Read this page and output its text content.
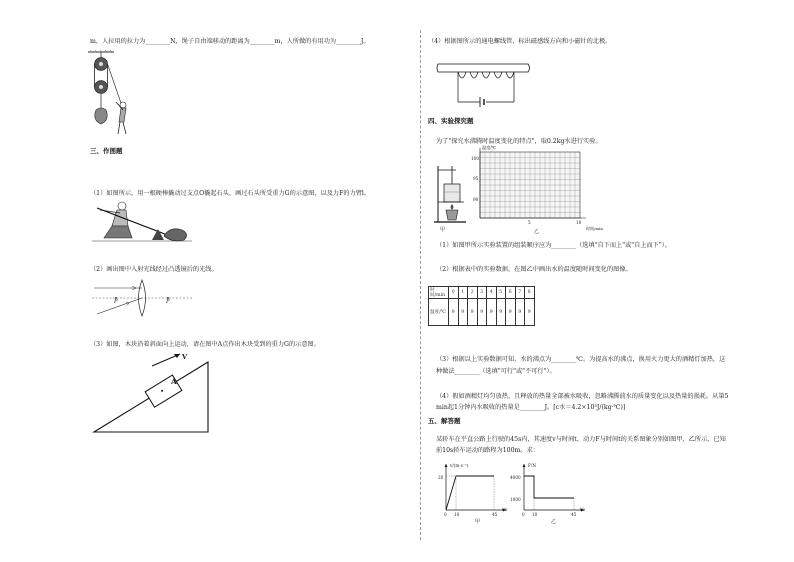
m，人拉用的拉力为________N，绳子自由端移动的距离为________m，人所做的有用功为________J。
三、作图题
（1）如图所示，用一根硬棒撬动过支点O撬起石头，画过石头所受重力G的示意图，以及力F的力臂l。
（2）画出图中入射光线经过凸透镜后的光线。
F	F
（3）如图，木块沿着斜面向上运动，请在图中A点作出木块受到的重力G的示意图。
V
A
（4）根据图所示的通电螺线管，标出磁感线方向和小磁针的北极。
四、实验探究题
为了"探究水沸腾时温度变化的特点"，取0.2kg水进行实验。
甲
温度/℃
100
95
90
5	10
时间/min
乙
（1）如图甲所示实验装置的组装顺序应为________（选填"自下而上"或"自上而下"）。
（2）根据表中的实验数据，在图乙中画出水的温度随时间变化的图像。
时间/min	0	1	2	3	4	5	6	7	8
温度/℃	9	9	9	9	9	9	9	9	9
（3）根据以上实验数据可知，水的沸点为________℃。为提高水的沸点，换用火力更大的酒精灯加热，这
种做法________（选填"可行"或"不可行"）。
（4）假如酒精灯均匀放热，且释放的热量全部被水吸收，忽略沸腾前水的质量变化以及热量的损耗。从第5
min起1分钟内水吸收的热量是________J。[c水＝4.2×10³J/(kg·℃)]
五、解答题
某轿车在平直公路上行驶的45s内，其速度v与时间t、动力F与时间t的关系图象分别如图甲、乙所示，已知
前10s轿车运动的路程为100m。求：
v/(m·s⁻¹)
20
0 10	45
t/s
甲
F/N
4000
1000
0 10	45
t/s
乙
